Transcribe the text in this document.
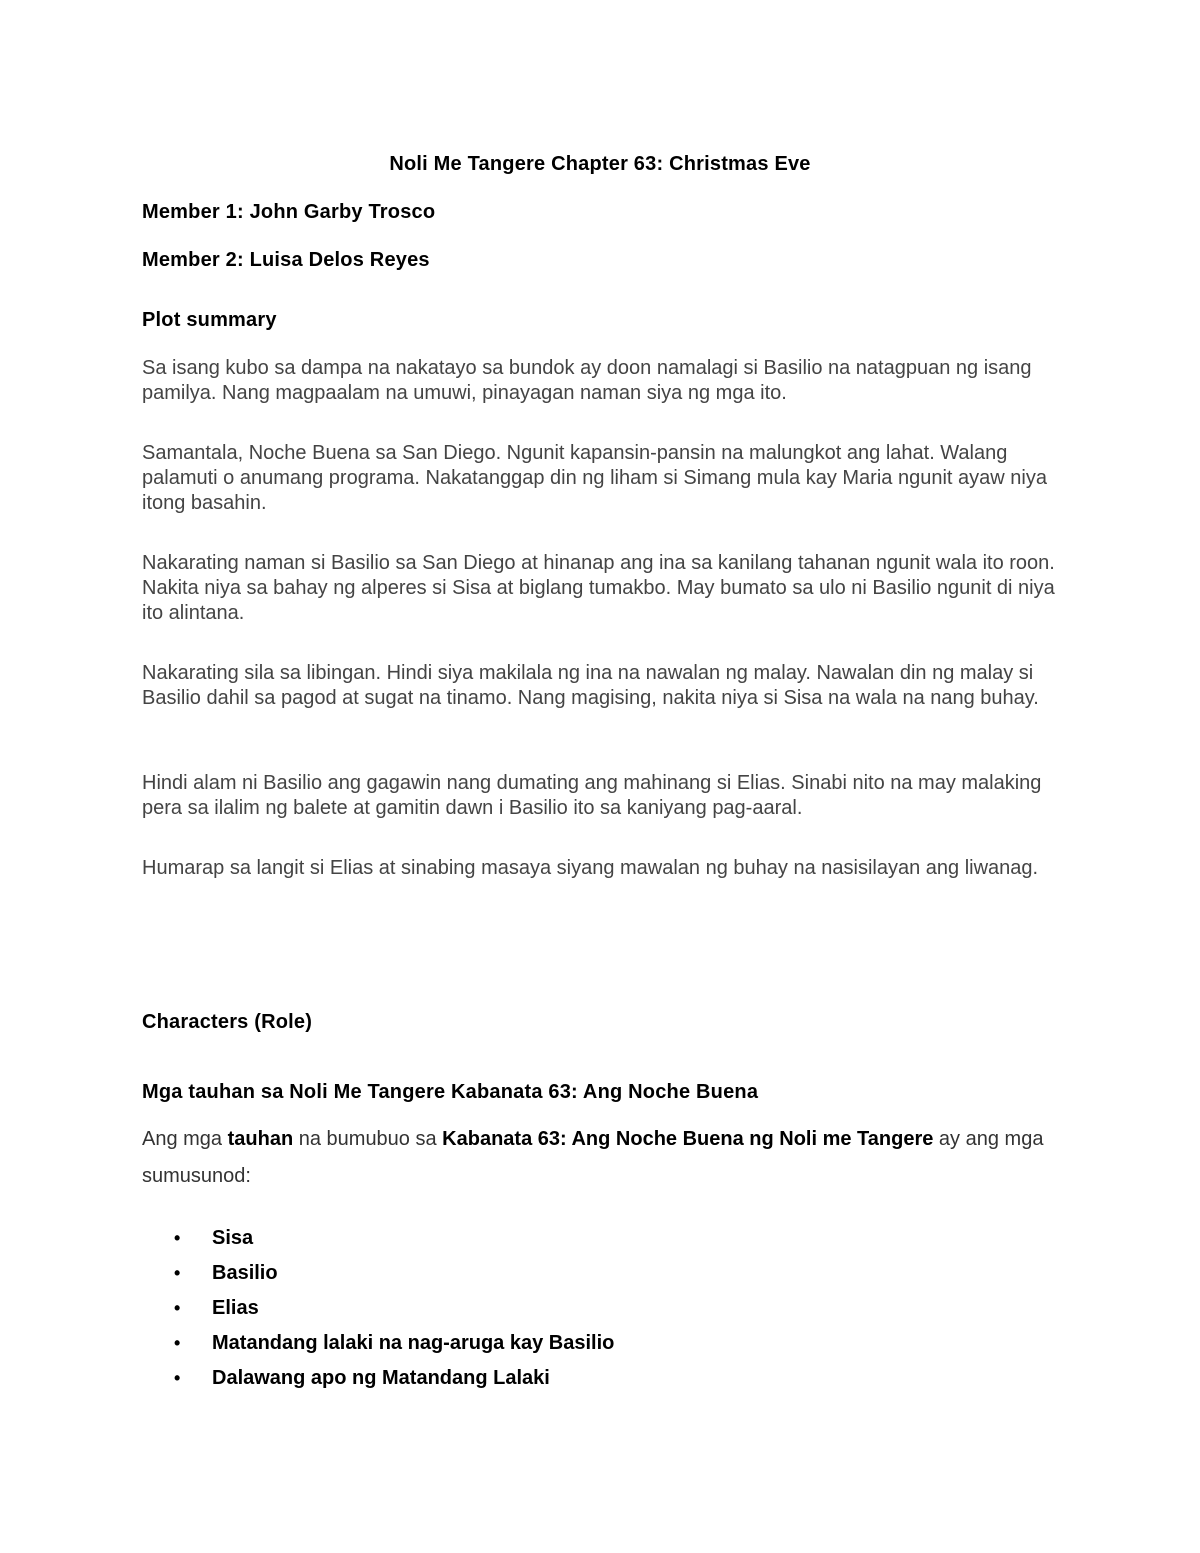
Noli Me Tangere Chapter 63: Christmas Eve
Member 1: John Garby Trosco
Member 2: Luisa Delos Reyes
Plot summary

Sa isang kubo sa dampa na nakatayo sa bundok ay doon namalagi si Basilio na natagpuan ng isang pamilya. Nang magpaalam na umuwi, pinayagan naman siya ng mga ito.

Samantala, Noche Buena sa San Diego. Ngunit kapansin-pansin na malungkot ang lahat. Walang palamuti o anumang programa. Nakatanggap din ng liham si Simang mula kay Maria ngunit ayaw niya itong basahin.

Nakarating naman si Basilio sa San Diego at hinanap ang ina sa kanilang tahanan ngunit wala ito roon. Nakita niya sa bahay ng alperes si Sisa at biglang tumakbo. May bumato sa ulo ni Basilio ngunit di niya ito alintana.

Nakarating sila sa libingan. Hindi siya makilala ng ina na nawalan ng malay. Nawalan din ng malay si Basilio dahil sa pagod at sugat na tinamo. Nang magising, nakita niya si Sisa na wala na nang buhay.

Hindi alam ni Basilio ang gagawin nang dumating ang mahinang si Elias. Sinabi nito na may malaking pera sa ilalim ng balete at gamitin dawn i Basilio ito sa kaniyang pag-aaral.

Humarap sa langit si Elias at sinabing masaya siyang mawalan ng buhay na nasisilayan ang liwanag.

Characters (Role)
Mga tauhan sa Noli Me Tangere Kabanata 63: Ang Noche Buena

Ang mga tauhan na bumubuo sa Kabanata 63: Ang Noche Buena ng Noli me Tangere ay ang mga sumusunod:

•	Sisa
•	Basilio
•	Elias
•	Matandang lalaki na nag-aruga kay Basilio
•	Dalawang apo ng Matandang Lalaki
